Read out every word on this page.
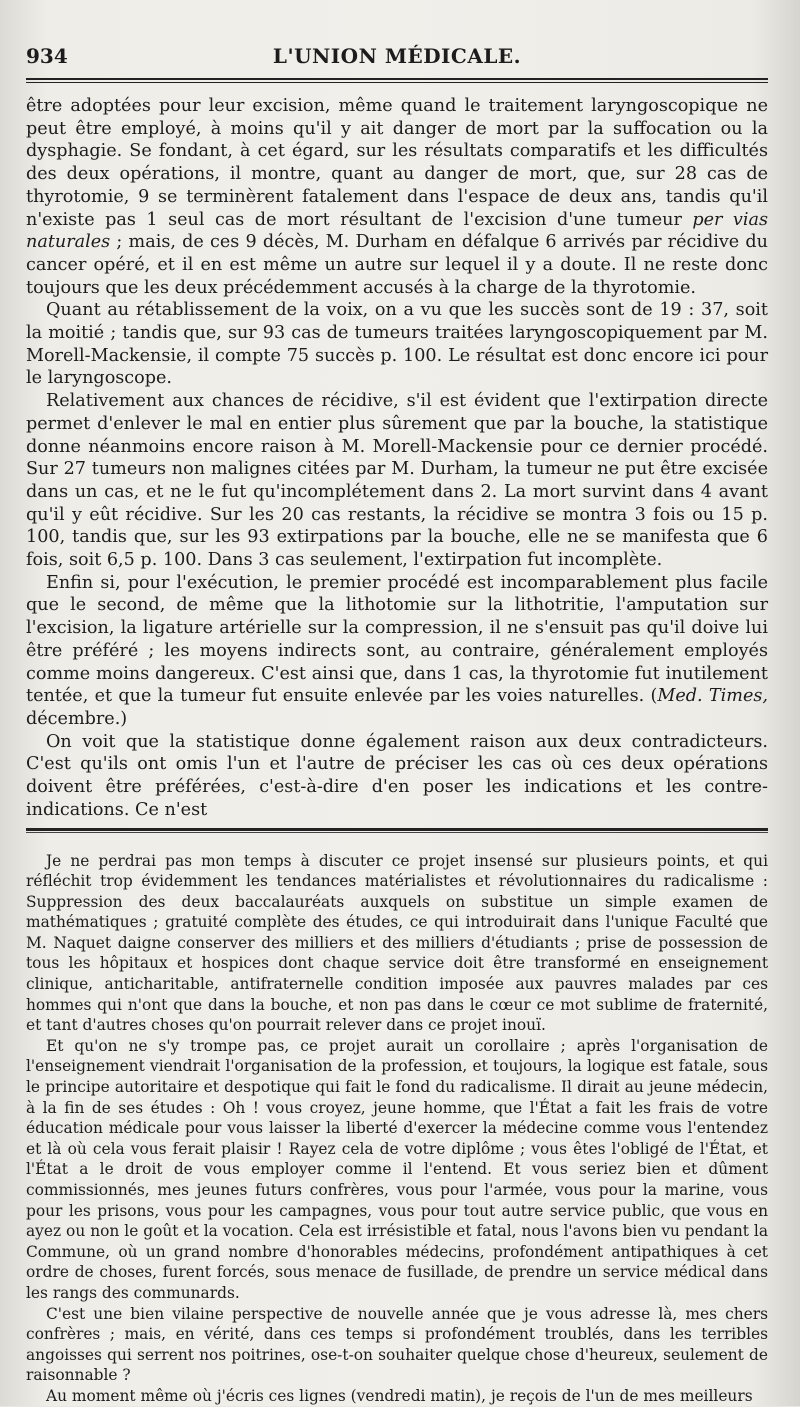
934	L'UNION MÉDICALE.

être adoptées pour leur excision, même quand le traitement laryngoscopique ne peut être employé, à moins qu'il y ait danger de mort par la suffocation ou la dysphagie. Se fondant, à cet égard, sur les résultats comparatifs et les difficultés des deux opérations, il montre, quant au danger de mort, que, sur 28 cas de thyrotomie, 9 se terminèrent fatalement dans l'espace de deux ans, tandis qu'il n'existe pas 1 seul cas de mort résultant de l'excision d'une tumeur per vias naturales ; mais, de ces 9 décès, M. Durham en défalque 6 arrivés par récidive du cancer opéré, et il en est même un autre sur lequel il y a doute. Il ne reste donc toujours que les deux précédemment accusés à la charge de la thyrotomie.

Quant au rétablissement de la voix, on a vu que les succès sont de 19 : 37, soit la moitié ; tandis que, sur 93 cas de tumeurs traitées laryngoscopiquement par M. Morell-Mackensie, il compte 75 succès p. 100. Le résultat est donc encore ici pour le laryngoscope.

Relativement aux chances de récidive, s'il est évident que l'extirpation directe permet d'enlever le mal en entier plus sûrement que par la bouche, la statistique donne néanmoins encore raison à M. Morell-Mackensie pour ce dernier procédé. Sur 27 tumeurs non malignes citées par M. Durham, la tumeur ne put être excisée dans un cas, et ne le fut qu'incomplétement dans 2. La mort survint dans 4 avant qu'il y eût récidive. Sur les 20 cas restants, la récidive se montra 3 fois ou 15 p. 100, tandis que, sur les 93 extirpations par la bouche, elle ne se manifesta que 6 fois, soit 6,5 p. 100. Dans 3 cas seulement, l'extirpation fut incomplète.

Enfin si, pour l'exécution, le premier procédé est incomparablement plus facile que le second, de même que la lithotomie sur la lithotritie, l'amputation sur l'excision, la ligature artérielle sur la compression, il ne s'ensuit pas qu'il doive lui être préféré ; les moyens indirects sont, au contraire, généralement employés comme moins dangereux. C'est ainsi que, dans 1 cas, la thyrotomie fut inutilement tentée, et que la tumeur fut ensuite enlevée par les voies naturelles. (Med. Times, décembre.)

On voit que la statistique donne également raison aux deux contradicteurs. C'est qu'ils ont omis l'un et l'autre de préciser les cas où ces deux opérations doivent être préférées, c'est-à-dire d'en poser les indications et les contre-indications. Ce n'est

Je ne perdrai pas mon temps à discuter ce projet insensé sur plusieurs points, et qui réfléchit trop évidemment les tendances matérialistes et révolutionnaires du radicalisme : Suppression des deux baccalauréats auxquels on substitue un simple examen de mathématiques ; gratuité complète des études, ce qui introduirait dans l'unique Faculté que M. Naquet daigne conserver des milliers et des milliers d'étudiants ; prise de possession de tous les hôpitaux et hospices dont chaque service doit être transformé en enseignement clinique, anticharitable, antifraternelle condition imposée aux pauvres malades par ces hommes qui n'ont que dans la bouche, et non pas dans le cœur ce mot sublime de fraternité, et tant d'autres choses qu'on pourrait relever dans ce projet inouï.

Et qu'on ne s'y trompe pas, ce projet aurait un corollaire ; après l'organisation de l'enseignement viendrait l'organisation de la profession, et toujours, la logique est fatale, sous le principe autoritaire et despotique qui fait le fond du radicalisme. Il dirait au jeune médecin, à la fin de ses études : Oh ! vous croyez, jeune homme, que l'État a fait les frais de votre éducation médicale pour vous laisser la liberté d'exercer la médecine comme vous l'entendez et là où cela vous ferait plaisir ! Rayez cela de votre diplôme ; vous êtes l'obligé de l'État, et l'État a le droit de vous employer comme il l'entend. Et vous seriez bien et dûment commissionnés, mes jeunes futurs confrères, vous pour l'armée, vous pour la marine, vous pour les prisons, vous pour les campagnes, vous pour tout autre service public, que vous en ayez ou non le goût et la vocation. Cela est irrésistible et fatal, nous l'avons bien vu pendant la Commune, où un grand nombre d'honorables médecins, profondément antipathiques à cet ordre de choses, furent forcés, sous menace de fusillade, de prendre un service médical dans les rangs des communards.

C'est une bien vilaine perspective de nouvelle année que je vous adresse là, mes chers confrères ; mais, en vérité, dans ces temps si profondément troublés, dans les terribles angoisses qui serrent nos poitrines, ose-t-on souhaiter quelque chose d'heureux, seulement de raisonnable ?

Au moment même où j'écris ces lignes (vendredi matin), je reçois de l'un de mes meilleurs
